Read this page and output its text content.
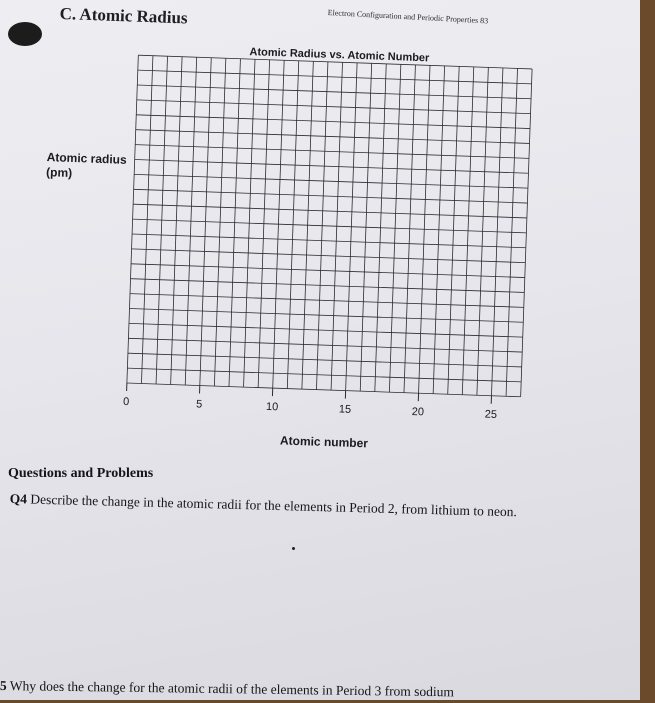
C. Atomic Radius	Electron Configuration and Periodic Properties 83
Atomic Radius vs. Atomic Number
Atomic radius (pm)
0	5	10	15	20	25
Atomic number
Questions and Problems
Q4 Describe the change in the atomic radii for the elements in Period 2, from lithium to neon.
5 Why does the change for the atomic radii of the elements in Period 3 from sodium
